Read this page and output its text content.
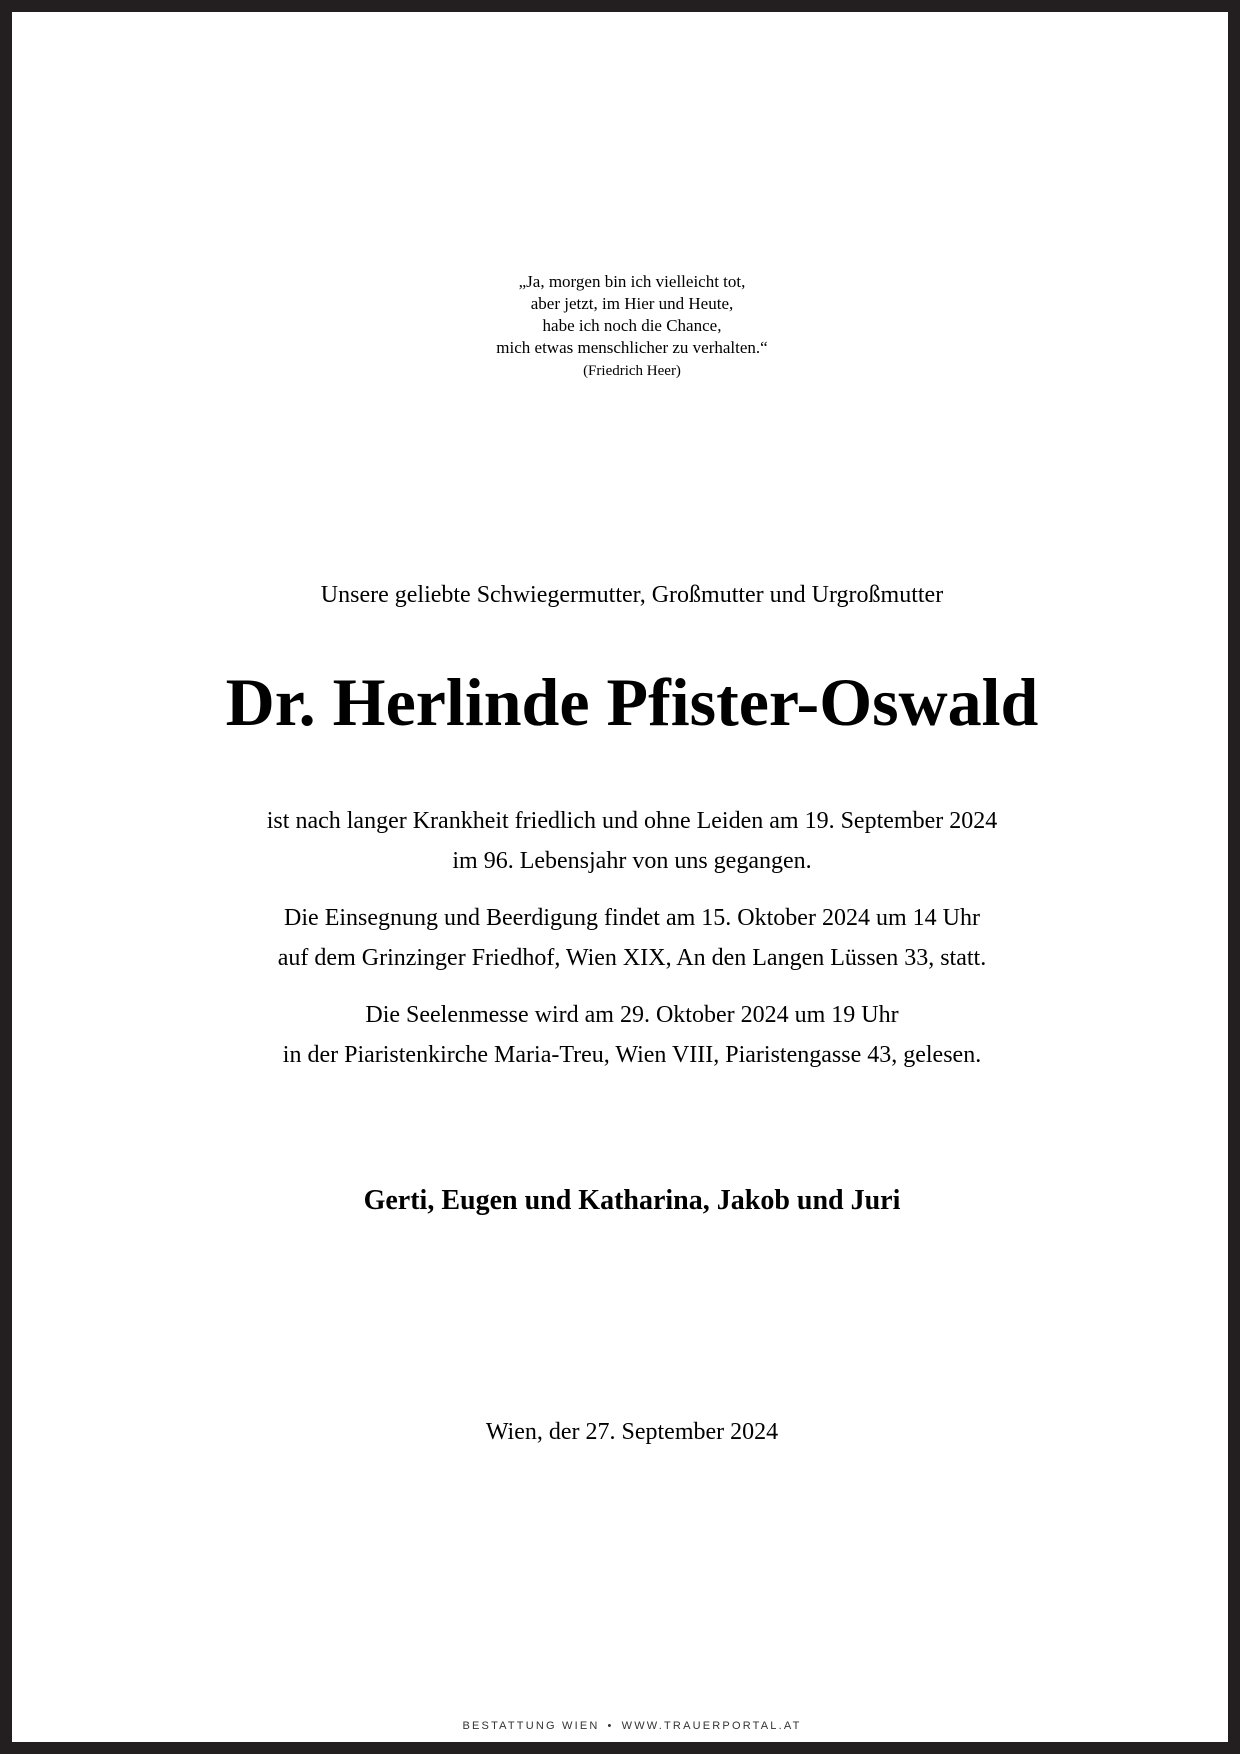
„Ja, morgen bin ich vielleicht tot,
aber jetzt, im Hier und Heute,
habe ich noch die Chance,
mich etwas menschlicher zu verhalten.“
(Friedrich Heer)
Unsere geliebte Schwiegermutter, Großmutter und Urgroßmutter
Dr. Herlinde Pfister-Oswald
ist nach langer Krankheit friedlich und ohne Leiden am 19. September 2024
im 96. Lebensjahr von uns gegangen.
Die Einsegnung und Beerdigung findet am 15. Oktober 2024 um 14 Uhr
auf dem Grinzinger Friedhof, Wien XIX, An den Langen Lüssen 33, statt.
Die Seelenmesse wird am 29. Oktober 2024 um 19 Uhr
in der Piaristenkirche Maria-Treu, Wien VIII, Piaristengasse 43, gelesen.
Gerti, Eugen und Katharina, Jakob und Juri
Wien, der 27. September 2024
BESTATTUNG WIEN • WWW.TRAUERPORTAL.AT
